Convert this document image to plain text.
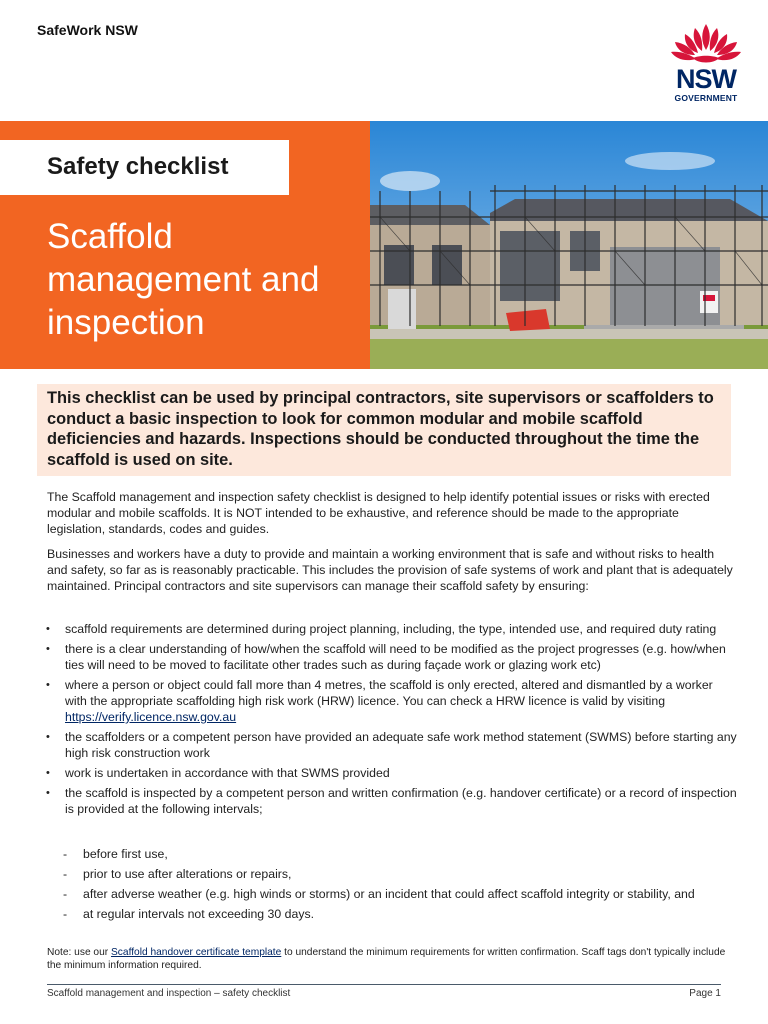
SafeWork NSW
NSW
GOVERNMENT
Safety checklist
Scaffold management and inspection

This checklist can be used by principal contractors, site supervisors or scaffolders to conduct a basic inspection to look for common modular and mobile scaffold deficiencies and hazards. Inspections should be conducted throughout the time the scaffold is used on site.

The Scaffold management and inspection safety checklist is designed to help identify potential issues or risks with erected modular and mobile scaffolds. It is NOT intended to be exhaustive, and reference should be made to the appropriate legislation, standards, codes and guides.

Businesses and workers have a duty to provide and maintain a working environment that is safe and without risks to health and safety, so far as is reasonably practicable. This includes the provision of safe systems of work and plant that is adequately maintained. Principal contractors and site supervisors can manage their scaffold safety by ensuring:

• scaffold requirements are determined during project planning, including, the type, intended use, and required duty rating
• there is a clear understanding of how/when the scaffold will need to be modified as the project progresses (e.g. how/when ties will need to be moved to facilitate other trades such as during façade work or glazing work etc)
• where a person or object could fall more than 4 metres, the scaffold is only erected, altered and dismantled by a worker with the appropriate scaffolding high risk work (HRW) licence. You can check a HRW licence is valid by visiting https://verify.licence.nsw.gov.au
• the scaffolders or a competent person have provided an adequate safe work method statement (SWMS) before starting any high risk construction work
• work is undertaken in accordance with that SWMS provided
• the scaffold is inspected by a competent person and written confirmation (e.g. handover certificate) or a record of inspection is provided at the following intervals;
- before first use,
- prior to use after alterations or repairs,
- after adverse weather (e.g. high winds or storms) or an incident that could affect scaffold integrity or stability, and
- at regular intervals not exceeding 30 days.
Note: use our Scaffold handover certificate template to understand the minimum requirements for written confirmation. Scaff tags don't typically include the minimum information required.
Scaffold management and inspection – safety checklist	Page 1
